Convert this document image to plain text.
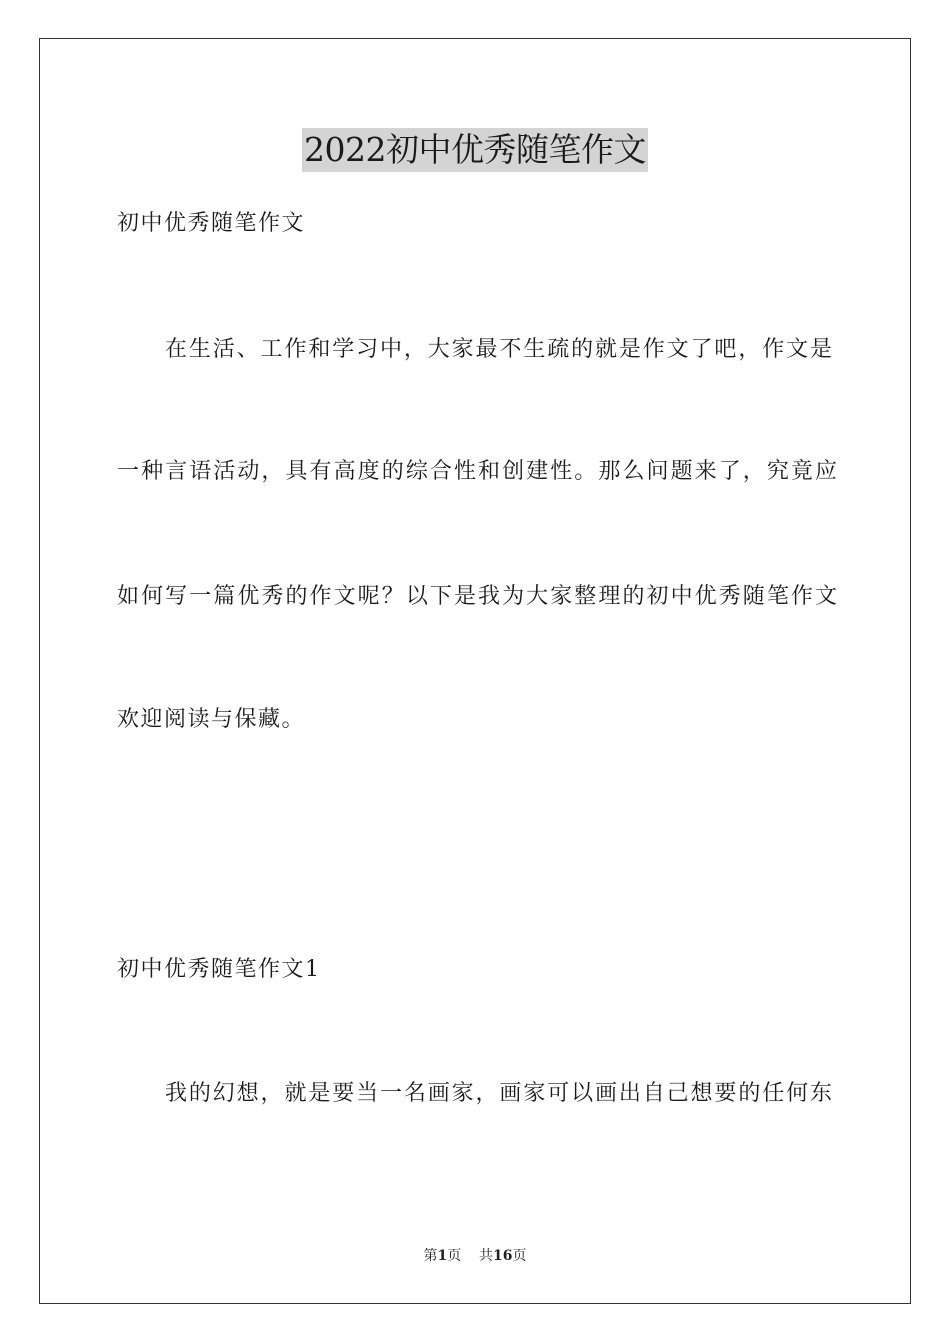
2022初中优秀随笔作文

初中优秀随笔作文

在生活、工作和学习中，大家最不生疏的就是作文了吧，作文是

一种言语活动，具有高度的综合性和创建性。那么问题来了，究竟应

如何写一篇优秀的作文呢？以下是我为大家整理的初中优秀随笔作文

欢迎阅读与保藏。

初中优秀随笔作文1

我的幻想，就是要当一名画家，画家可以画出自己想要的任何东

第1页 共16页
